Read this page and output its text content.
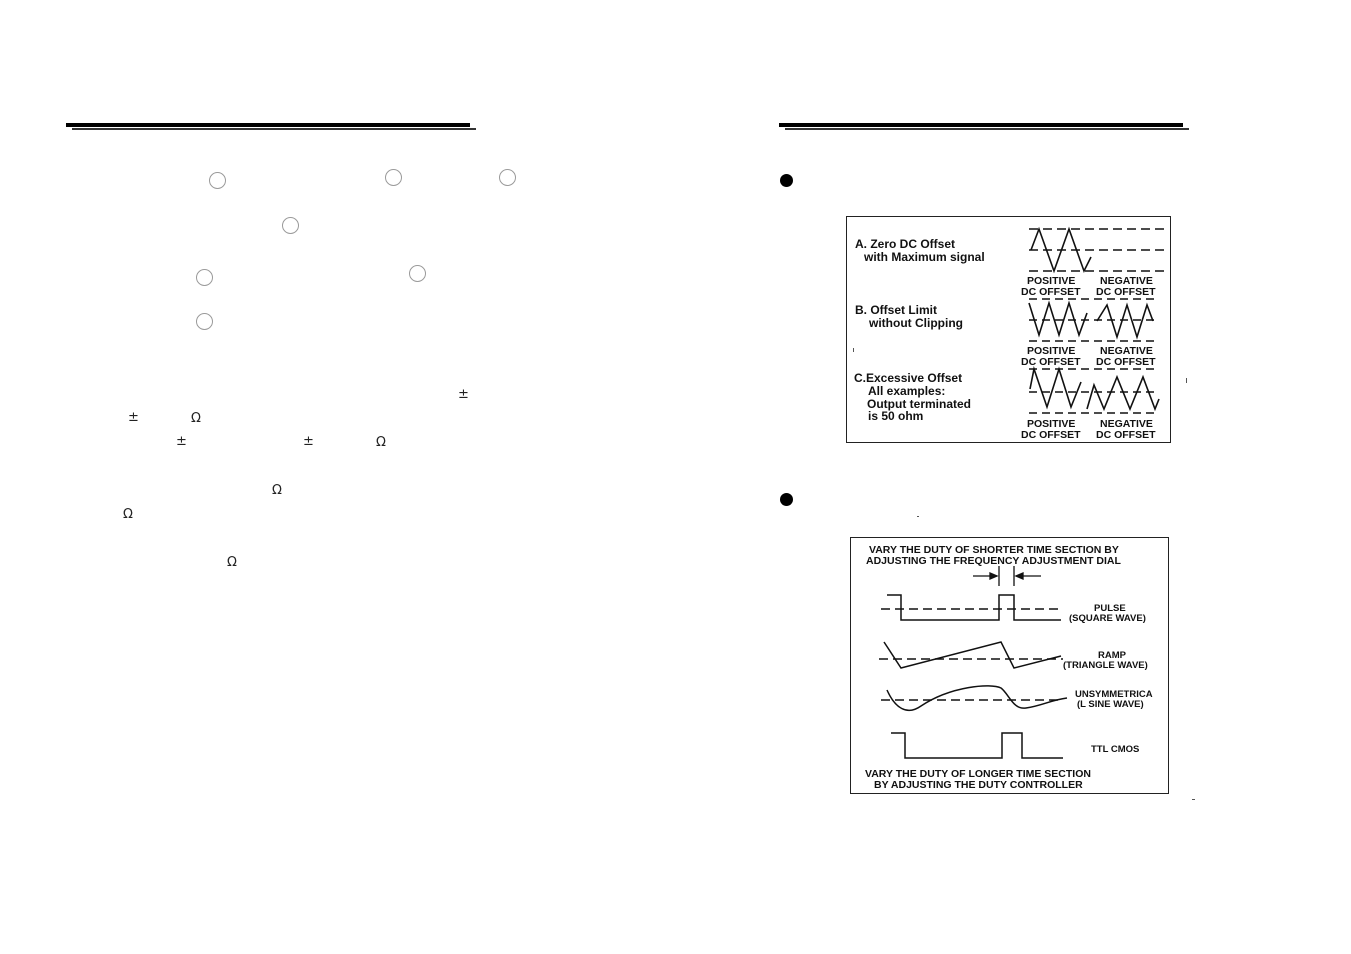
±
±	Ω
±	±	Ω
Ω
Ω
Ω
A. Zero DC Offset
with Maximum signal
B. Offset Limit
without Clipping
C.Excessive Offset
All examples:
Output terminated
is 50 ohm
POSITIVE
DC OFFSET
NEGATIVE
DC OFFSET
POSITIVE
DC OFFSET
NEGATIVE
DC OFFSET
POSITIVE
DC OFFSET
NEGATIVE
DC OFFSET
VARY THE DUTY OF SHORTER TIME SECTION BY
ADJUSTING THE FREQUENCY ADJUSTMENT DIAL
PULSE
(SQUARE WAVE)
RAMP
(TRIANGLE WAVE)
UNSYMMETRICA
(L SINE WAVE)
TTL CMOS
VARY THE DUTY OF LONGER TIME SECTION
BY ADJUSTING THE DUTY CONTROLLER
